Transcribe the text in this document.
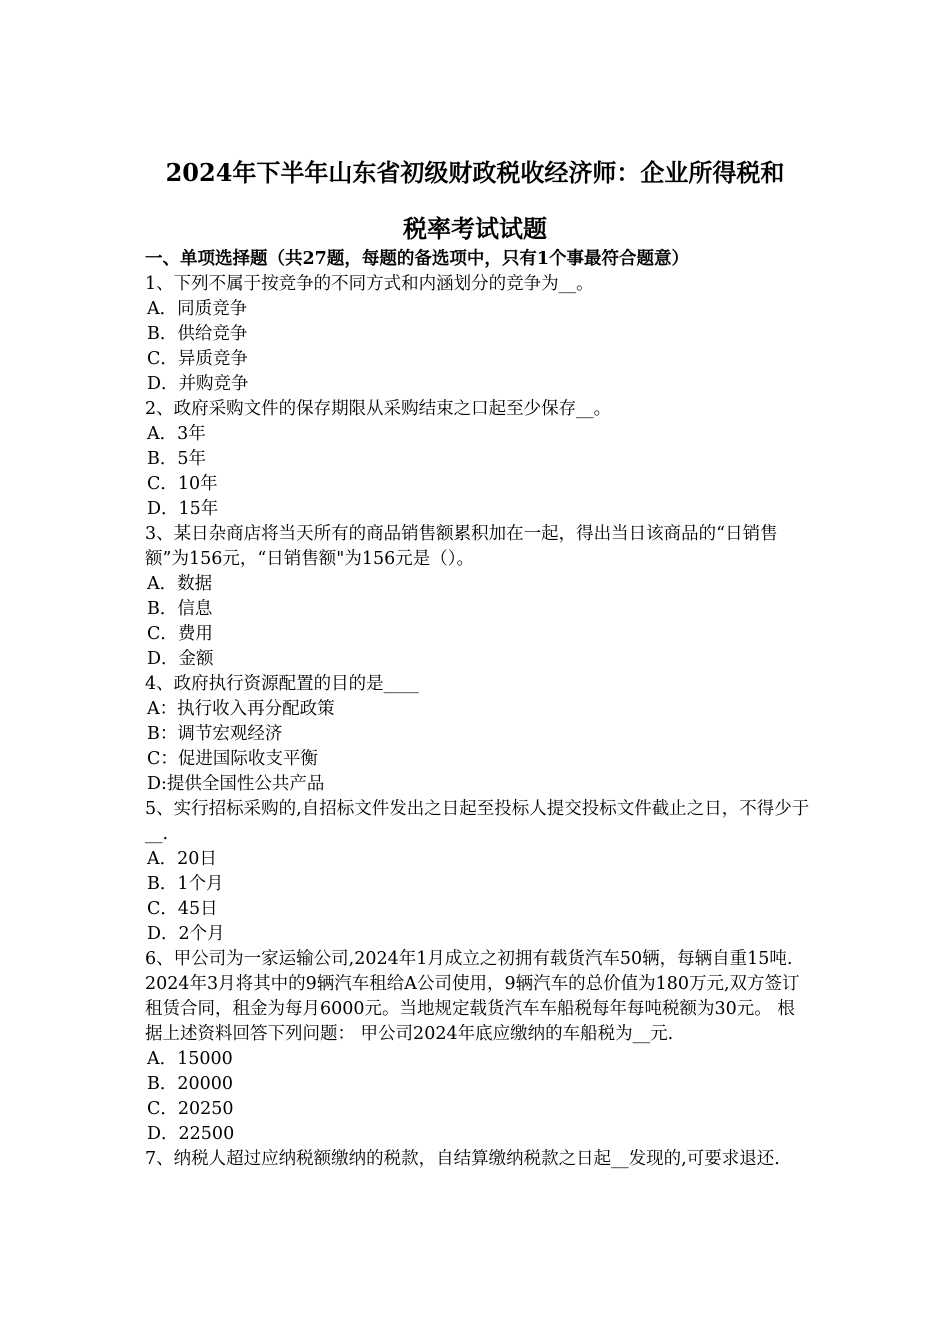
2024年下半年山东省初级财政税收经济师：企业所得税和
税率考试试题
一、单项选择题（共27题，每题的备选项中，只有1个事最符合题意）

1、下列不属于按竞争的不同方式和内涵划分的竞争为__。

A．同质竞争

B．供给竞争

C．异质竞争

D．并购竞争

2、政府采购文件的保存期限从采购结束之口起至少保存__。

A．3年

B．5年

C．10年

D．15年

3、某日杂商店将当天所有的商品销售额累积加在一起，得出当日该商品的“日销售额”为156元，“日销售额"为156元是（）。

A．数据

B．信息

C．费用

D．金额

4、政府执行资源配置的目的是____

A：执行收入再分配政策

B：调节宏观经济

C：促进国际收支平衡

D:提供全国性公共产品

5、实行招标采购的,自招标文件发出之日起至投标人提交投标文件截止之日，不得少于__.

A．20日

B．1个月

C．45日

D．2个月

6、甲公司为一家运输公司,2024年1月成立之初拥有载货汽车50辆，每辆自重15吨. 2024年3月将其中的9辆汽车租给A公司使用，9辆汽车的总价值为180万元,双方签订租赁合同，租金为每月6000元。当地规定载货汽车车船税每年每吨税额为30元。 根据上述资料回答下列问题： 甲公司2024年底应缴纳的车船税为__元.

A．15000

B．20000

C．20250

D．22500

7、纳税人超过应纳税额缴纳的税款，自结算缴纳税款之日起__发现的,可要求退还.
